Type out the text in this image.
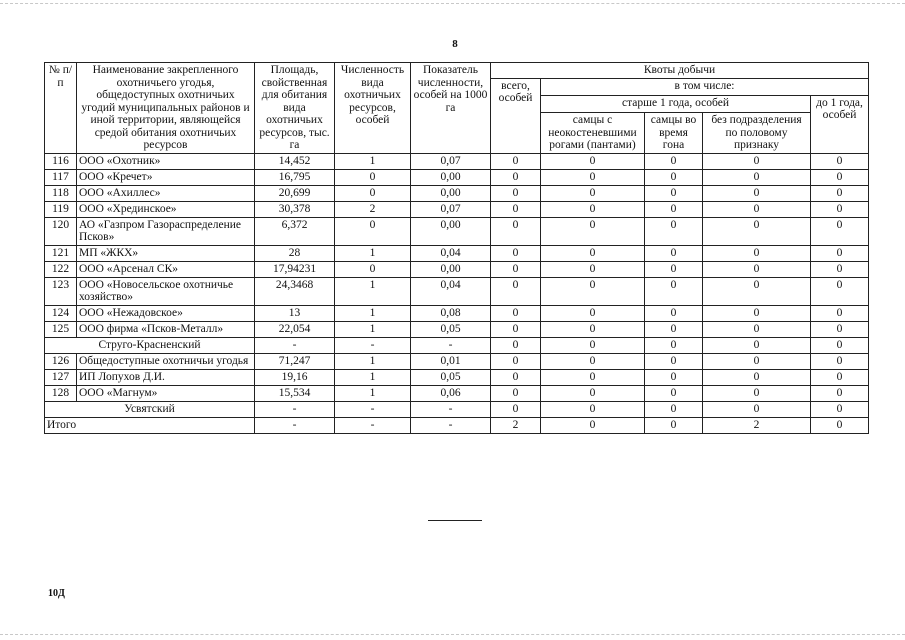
8
№ п/п	Наименование закрепленного охотничьего угодья, общедоступных охотничьих угодий муниципальных районов и иной территории, являющейся средой обитания охотничьих ресурсов	Площадь, свойственная для обитания вида охотничьих ресурсов, тыс. га	Численность вида охотничьих ресурсов, особей	Показатель численности, особей на 1000 га	Квоты добычи				
					всего, особей	в том числе:			
						старше 1 года, особей			до 1 года, особей
						самцы с неокостеневшими рогами (пантами)	самцы во время гона	без подразделения по половому признаку	
116	ООО «Охотник»	14,452	1	0,07	0	0	0	0	0
117	ООО «Кречет»	16,795	0	0,00	0	0	0	0	0
118	ООО «Ахиллес»	20,699	0	0,00	0	0	0	0	0
119	ООО «Хрединское»	30,378	2	0,07	0	0	0	0	0
120	АО «Газпром Газораспределение Псков»	6,372	0	0,00	0	0	0	0	0
121	МП «ЖКХ»	28	1	0,04	0	0	0	0	0
122	ООО «Арсенал СК»	17,94231	0	0,00	0	0	0	0	0
123	ООО «Новосельское охотничье хозяйство»	24,3468	1	0,04	0	0	0	0	0
124	ООО «Нежадовское»	13	1	0,08	0	0	0	0	0
125	ООО фирма «Псков-Металл»	22,054	1	0,05	0	0	0	0	0
Струго-Красненский		-	-	-	0	0	0	0	0
126	Общедоступные охотничьи угодья	71,247	1	0,01	0	0	0	0	0
127	ИП Лопухов Д.И.	19,16	1	0,05	0	0	0	0	0
128	ООО «Магнум»	15,534	1	0,06	0	0	0	0	0
Усвятский		-	-	-	0	0	0	0	0
Итого		-	-	-	2	0	0	2	0
10Д
